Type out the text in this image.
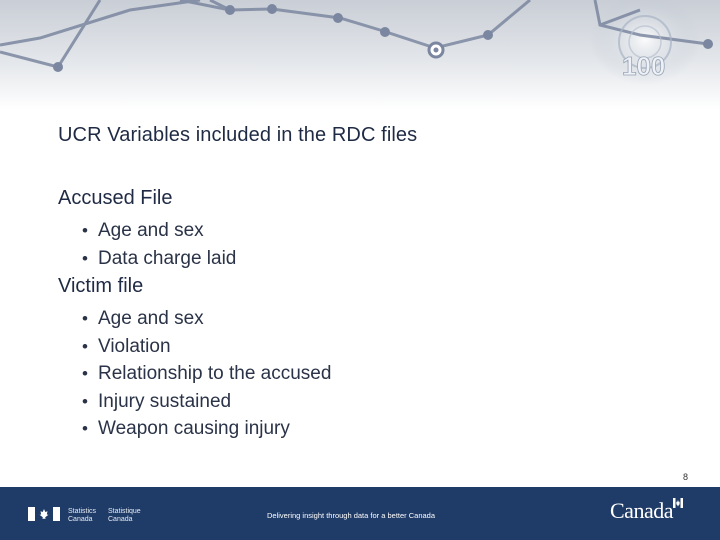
100
UCR Variables included in the RDC files
Accused File
• Age and sex
• Data charge laid
Victim file
• Age and sex
• Violation
• Relationship to the accused
• Injury sustained
• Weapon causing injury
8
Statistics
Canada
Statistique
Canada	Delivering insight through data for a better Canada	Canada
